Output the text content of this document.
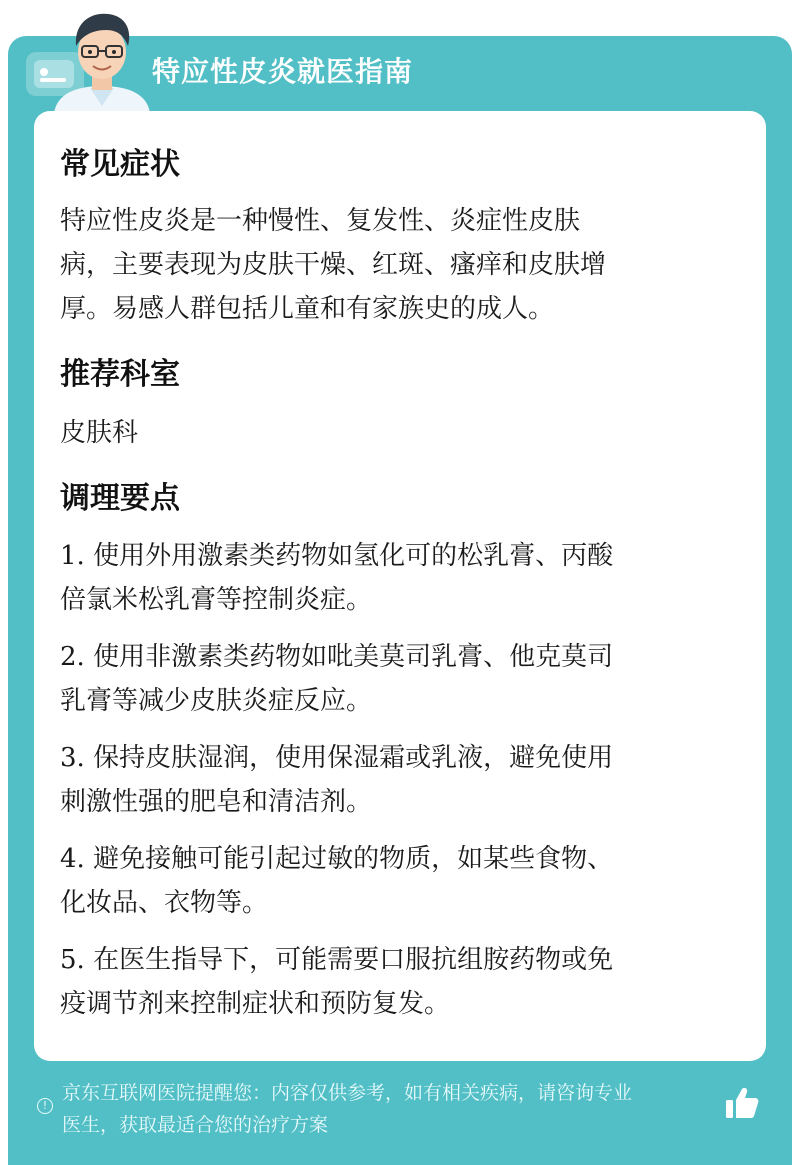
特应性皮炎就医指南
常见症状
特应性皮炎是一种慢性、复发性、炎症性皮肤
病，主要表现为皮肤干燥、红斑、瘙痒和皮肤增
厚。易感人群包括儿童和有家族史的成人。
推荐科室
皮肤科
调理要点
1. 使用外用激素类药物如氢化可的松乳膏、丙酸
倍氯米松乳膏等控制炎症。
2. 使用非激素类药物如吡美莫司乳膏、他克莫司
乳膏等减少皮肤炎症反应。
3. 保持皮肤湿润，使用保湿霜或乳液，避免使用
刺激性强的肥皂和清洁剂。
4. 避免接触可能引起过敏的物质，如某些食物、
化妆品、衣物等。
5. 在医生指导下，可能需要口服抗组胺药物或免
疫调节剂来控制症状和预防复发。
!
京东互联网医院提醒您：内容仅供参考，如有相关疾病，请咨询专业
医生，获取最适合您的治疗方案
